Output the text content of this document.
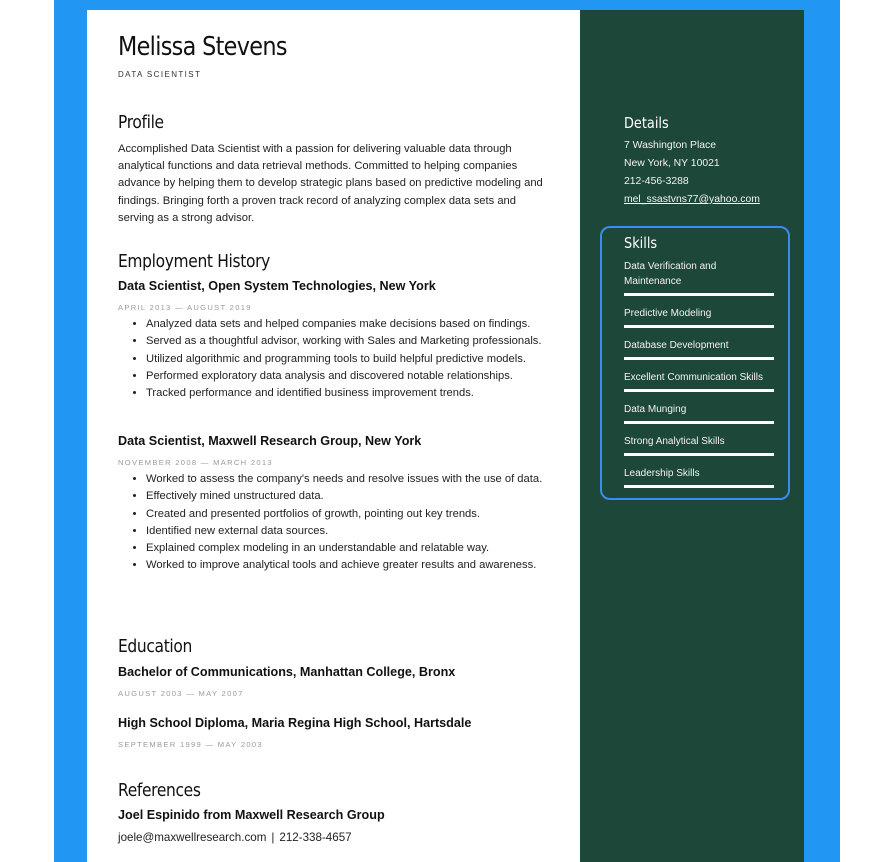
Melissa Stevens
DATA SCIENTIST
Profile
Accomplished Data Scientist with a passion for delivering valuable data through analytical functions and data retrieval methods. Committed to helping companies advance by helping them to develop strategic plans based on predictive modeling and findings. Bringing forth a proven track record of analyzing complex data sets and serving as a strong advisor.
Employment History
Data Scientist, Open System Technologies, New York
APRIL 2013 — AUGUST 2019
• Analyzed data sets and helped companies make decisions based on findings.
• Served as a thoughtful advisor, working with Sales and Marketing professionals.
• Utilized algorithmic and programming tools to build helpful predictive models.
• Performed exploratory data analysis and discovered notable relationships.
• Tracked performance and identified business improvement trends.
Data Scientist, Maxwell Research Group, New York
NOVEMBER 2008 — MARCH 2013
• Worked to assess the company's needs and resolve issues with the use of data.
• Effectively mined unstructured data.
• Created and presented portfolios of growth, pointing out key trends.
• Identified new external data sources.
• Explained complex modeling in an understandable and relatable way.
• Worked to improve analytical tools and achieve greater results and awareness.
Education
Bachelor of Communications, Manhattan College, Bronx
AUGUST 2003 — MAY 2007
High School Diploma, Maria Regina High School, Hartsdale
SEPTEMBER 1999 — MAY 2003
References
Joel Espinido from Maxwell Research Group
joele@maxwellresearch.com | 212-338-4657
Details
7 Washington Place
New York, NY 10021
212-456-3288
mel_ssastvns77@yahoo.com
Skills
Data Verification and Maintenance
Predictive Modeling
Database Development
Excellent Communication Skills
Data Munging
Strong Analytical Skills
Leadership Skills
